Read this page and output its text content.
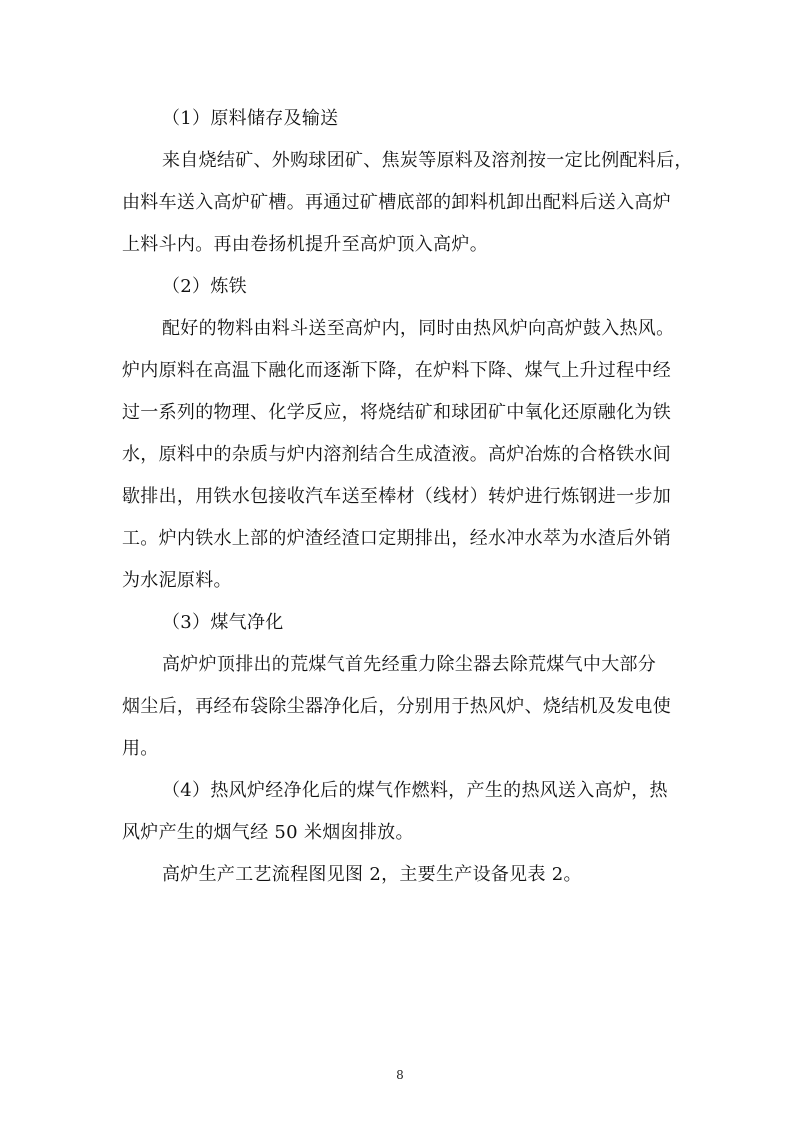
（1）原料储存及输送
来自烧结矿、外购球团矿、焦炭等原料及溶剂按一定比例配料后，
由料车送入高炉矿槽。再通过矿槽底部的卸料机卸出配料后送入高炉
上料斗内。再由卷扬机提升至高炉顶入高炉。
（2）炼铁
配好的物料由料斗送至高炉内，同时由热风炉向高炉鼓入热风。
炉内原料在高温下融化而逐渐下降，在炉料下降、煤气上升过程中经
过一系列的物理、化学反应，将烧结矿和球团矿中氧化还原融化为铁
水，原料中的杂质与炉内溶剂结合生成渣液。高炉冶炼的合格铁水间
歇排出，用铁水包接收汽车送至棒材（线材）转炉进行炼钢进一步加
工。炉内铁水上部的炉渣经渣口定期排出，经水冲水萃为水渣后外销
为水泥原料。
（3）煤气净化
高炉炉顶排出的荒煤气首先经重力除尘器去除荒煤气中大部分
烟尘后，再经布袋除尘器净化后，分别用于热风炉、烧结机及发电使
用。
（4）热风炉经净化后的煤气作燃料，产生的热风送入高炉，热
风炉产生的烟气经 50 米烟囱排放。
高炉生产工艺流程图见图 2，主要生产设备见表 2。
8
